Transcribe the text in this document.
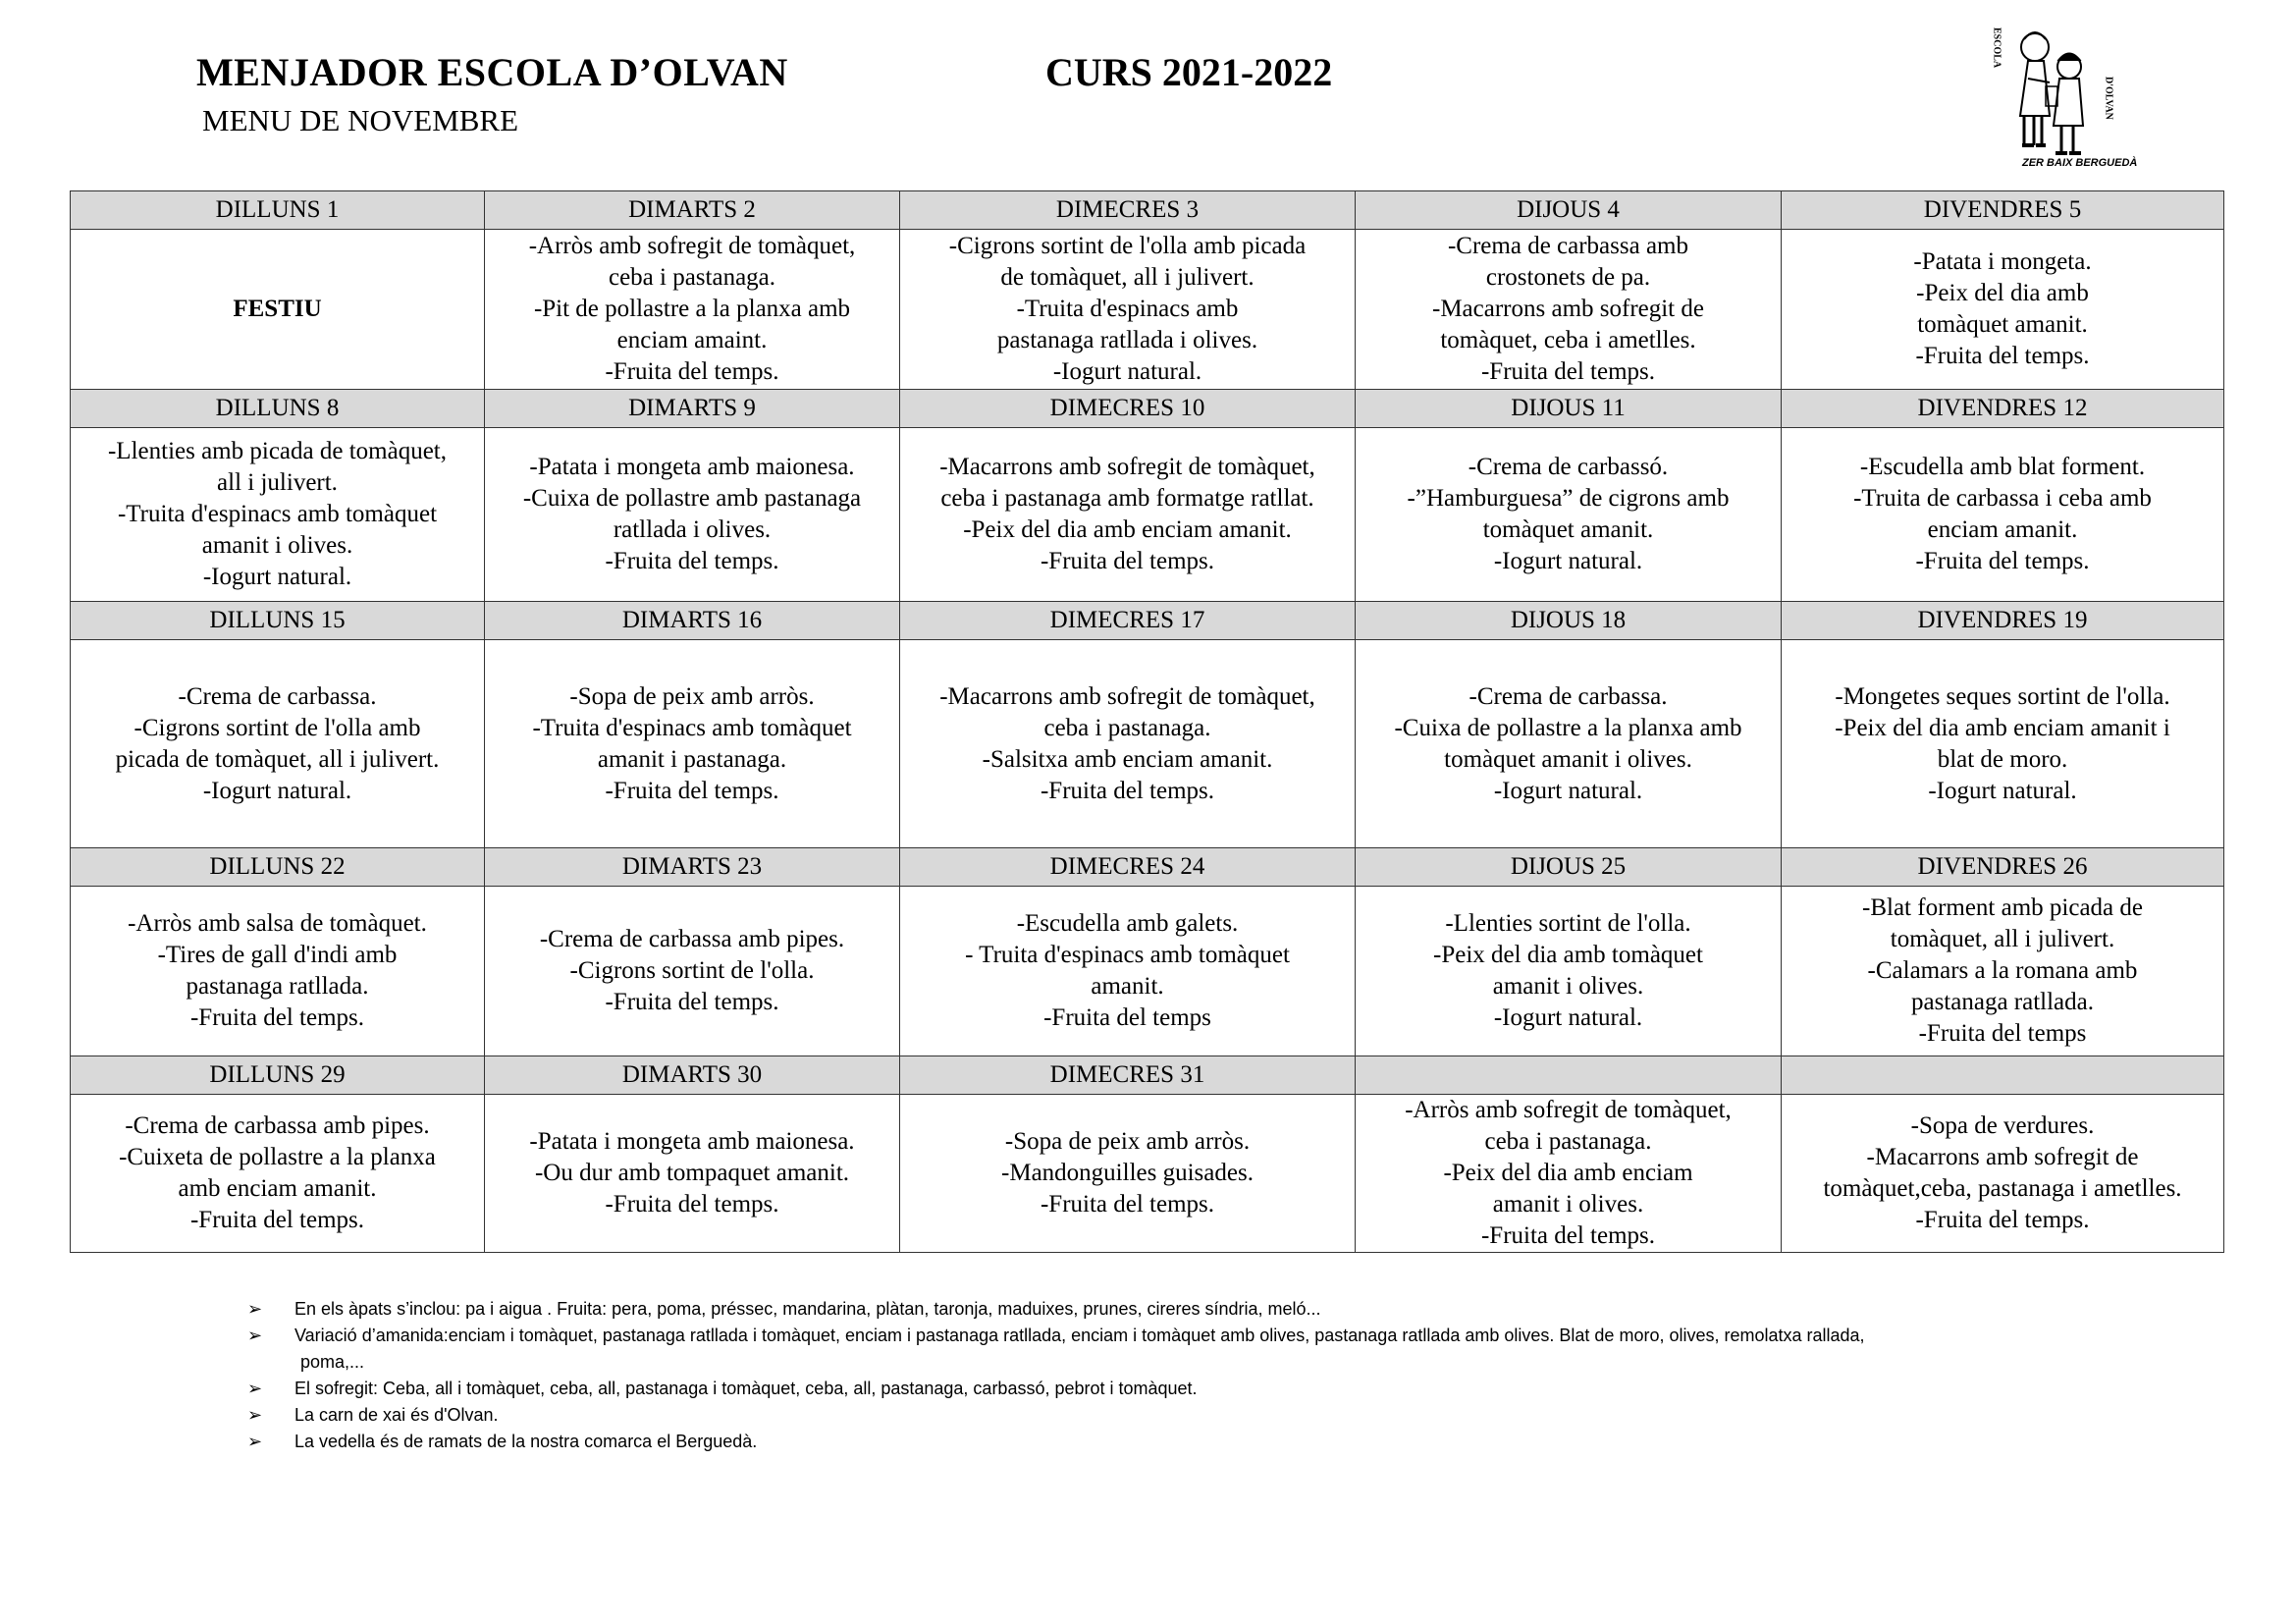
MENJADOR ESCOLA D’OLVAN	CURS 2021-2022
MENU DE NOVEMBRE
ESCOLA
D'OLVAN
ZER BAIX BERGUEDÀ
DILLUNS 1	DIMARTS 2	DIMECRES 3	DIJOUS 4	DIVENDRES 5

FESTIU	-Arròs amb sofregit de tomàquet,
ceba i pastanaga.
-Pit de pollastre a la planxa amb
enciam amaint.
-Fruita del temps.	-Cigrons sortint de l'olla amb picada
de tomàquet, all i julivert.
-Truita d'espinacs amb
pastanaga ratllada i olives.
-Iogurt natural.	-Crema de carbassa amb
crostonets de pa.
-Macarrons amb sofregit de
tomàquet, ceba i ametlles.
-Fruita del temps.	-Patata i mongeta.
-Peix del dia amb
tomàquet amanit.
-Fruita del temps.

DILLUNS 8	DIMARTS 9	DIMECRES 10	DIJOUS 11	DIVENDRES 12

-Llenties amb picada de tomàquet,
all i julivert.
-Truita d'espinacs amb tomàquet
amanit i olives.
-Iogurt natural.	-Patata i mongeta amb maionesa.
-Cuixa de pollastre amb pastanaga
ratllada i olives.
-Fruita del temps.	-Macarrons amb sofregit de tomàquet,
ceba i pastanaga amb formatge ratllat.
-Peix del dia amb enciam amanit.
-Fruita del temps.	-Crema de carbassó.
-”Hamburguesa” de cigrons amb
tomàquet amanit.
-Iogurt natural.	-Escudella amb blat forment.
-Truita de carbassa i ceba amb
enciam amanit.
-Fruita del temps.

DILLUNS 15	DIMARTS 16	DIMECRES 17	DIJOUS 18	DIVENDRES 19

-Crema de carbassa.
-Cigrons sortint de l'olla amb
picada de tomàquet, all i julivert.
-Iogurt natural.	-Sopa de peix amb arròs.
-Truita d'espinacs amb tomàquet
amanit i pastanaga.
-Fruita del temps.	-Macarrons amb sofregit de tomàquet,
ceba i pastanaga.
-Salsitxa amb enciam amanit.
-Fruita del temps.	-Crema de carbassa.
-Cuixa de pollastre a la planxa amb
tomàquet amanit i olives.
-Iogurt natural.	-Mongetes seques sortint de l'olla.
-Peix del dia amb enciam amanit i
blat de moro.
-Iogurt natural.

DILLUNS 22	DIMARTS 23	DIMECRES 24	DIJOUS 25	DIVENDRES 26

-Arròs amb salsa de tomàquet.
-Tires de gall d'indi amb
pastanaga ratllada.
-Fruita del temps.	-Crema de carbassa amb pipes.
-Cigrons sortint de l'olla.
-Fruita del temps.	-Escudella amb galets.
- Truita d'espinacs amb tomàquet
amanit.
-Fruita del temps	-Llenties sortint de l'olla.
-Peix del dia amb tomàquet
amanit i olives.
-Iogurt natural.	-Blat forment amb picada de
tomàquet, all i julivert.
-Calamars a la romana amb
pastanaga ratllada.
-Fruita del temps

DILLUNS 29	DIMARTS 30	DIMECRES 31		

-Crema de carbassa amb pipes.
-Cuixeta de pollastre a la planxa
amb enciam amanit.
-Fruita del temps.	-Patata i mongeta amb maionesa.
-Ou dur amb tompaquet amanit.
-Fruita del temps.	-Sopa de peix amb arròs.
-Mandonguilles guisades.
-Fruita del temps.	-Arròs amb sofregit de tomàquet,
ceba i pastanaga.
-Peix del dia amb enciam
amanit i olives.
-Fruita del temps.	-Sopa de verdures.
-Macarrons amb sofregit de
tomàquet,ceba, pastanaga i ametlles.
-Fruita del temps.
➢ En els àpats s’inclou: pa i aigua . Fruita: pera, poma, préssec, mandarina, plàtan, taronja, maduixes, prunes, cireres síndria, meló...
➢ Variació d’amanida:enciam i tomàquet, pastanaga ratllada i tomàquet, enciam i pastanaga ratllada, enciam i tomàquet amb olives, pastanaga ratllada amb olives. Blat de moro, olives, remolatxa rallada,
poma,...
➢ El sofregit: Ceba, all i tomàquet, ceba, all, pastanaga i tomàquet, ceba, all, pastanaga, carbassó, pebrot i tomàquet.
➢ La carn de xai és d'Olvan.
➢ La vedella és de ramats de la nostra comarca el Berguedà.
